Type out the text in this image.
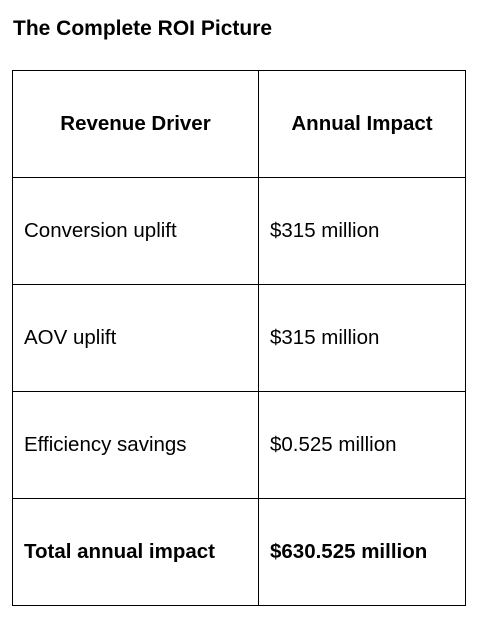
The Complete ROI Picture
Revenue Driver	Annual Impact
Conversion uplift	$315 million
AOV uplift	$315 million
Efficiency savings	$0.525 million
Total annual impact	$630.525 million
